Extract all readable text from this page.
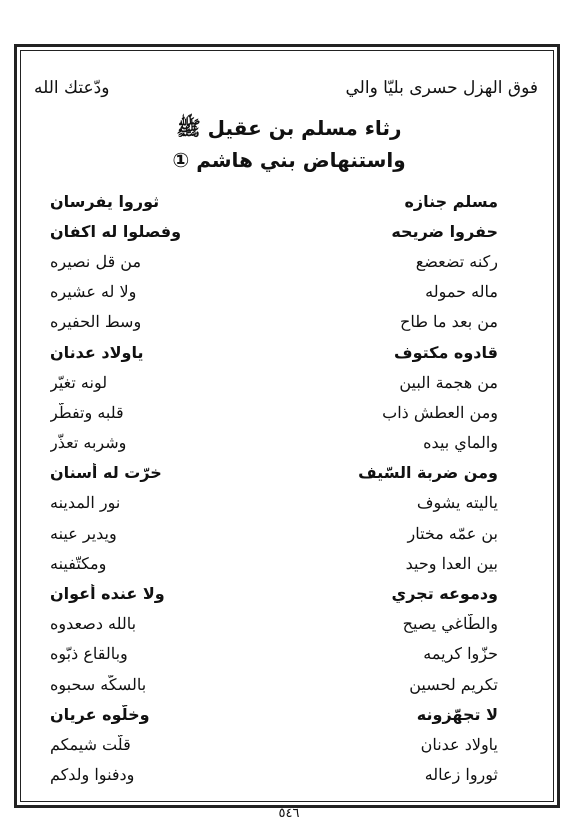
فوق الهزل حسرى بليّا والي
ودّعتك الله
رثاء مسلم بن عقيل ﷺ
واستنهاض بني هاشم ①
مسلم جنازه
ثوروا يفرسان
حفروا ضريحه
وفصلوا له اكفان
ركنه تضعضع
من قل نصيره
ماله حموله
ولا له عشيره
من بعد ما طاح
وسط الحفيره
قادوه مكتوف
ياولاد عدنان
من هجمة البين
لونه تغيّر
ومن العطش ذاب
قلبه وتفطّر
والماي بيده
وشربه تعذّر
ومن ضربة السّيف
خرّت له أسنان
ياليته يشوف
نور المدينه
بن عمّه مختار
ويدير عينه
بين العدا وحيد
ومكتّفينه
ودموعه تجري
ولا عنده أعوان
والطّاغي يصيح
بالله دصعدوه
حزّوا كريمه
وبالقاع ذبّوه
تكريم لحسين
بالسكّه سحبوه
لا تجهّزونه
وخلّوه عريان
ياولاد عدنان
قلّت شيمكم
ثوروا زعاله
ودفنوا ولدكم
٥٤٦
